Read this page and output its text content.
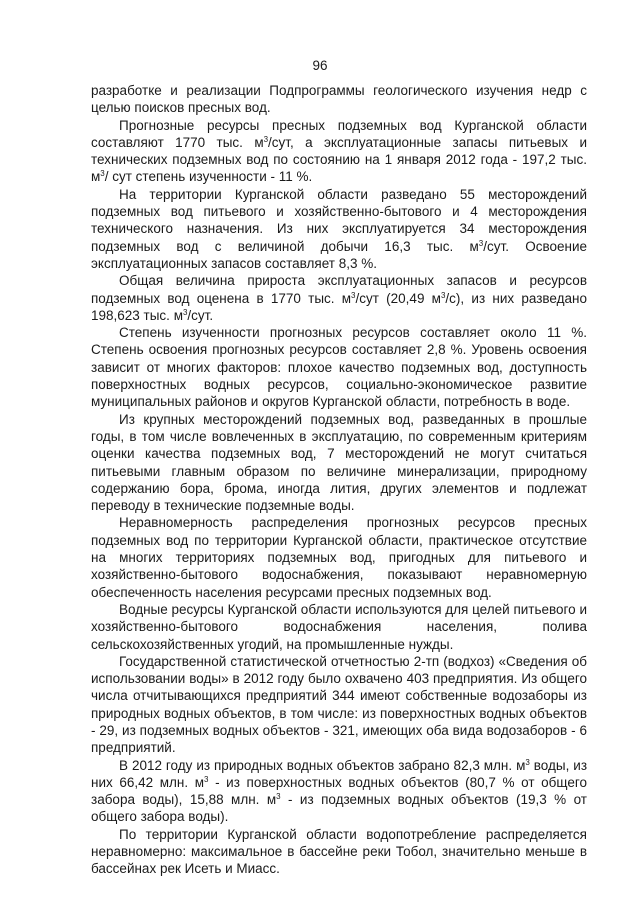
96

разработке и реализации Подпрограммы геологического изучения недр с целью поисков пресных вод.

Прогнозные ресурсы пресных подземных вод Курганской области составляют 1770 тыс. $м^3$/сут, а эксплуатационные запасы питьевых и технических подземных вод по состоянию на 1 января 2012 года - 197,2 тыс. $м^3/$ сут степень изученности - 11 %.

На территории Курганской области разведано 55 месторождений подземных вод питьевого и хозяйственно-бытового и 4 месторождения технического назначения. Из них эксплуатируется 34 месторождения подземных вод с величиной добычи 16,3 тыс. $м^3$/сут. Освоение эксплуатационных запасов составляет 8,3 %.

Общая величина прироста эксплуатационных запасов и ресурсов подземных вод оценена в 1770 тыс. $м^3$/сут (20,49 $м^3/с$), из них разведано 198,623 тыс. $м^3$/сут.

Степень изученности прогнозных ресурсов составляет около 11 %. Степень освоения прогнозных ресурсов составляет 2,8 %. Уровень освоения зависит от многих факторов: плохое качество подземных вод, доступность поверхностных водных ресурсов, социально-экономическое развитие муниципальных районов и округов Курганской области, потребность в воде.

Из крупных месторождений подземных вод, разведанных в прошлые годы, в том числе вовлеченных в эксплуатацию, по современным критериям оценки качества подземных вод, 7 месторождений не могут считаться питьевыми главным образом по величине минерализации, природному содержанию бора, брома, иногда лития, других элементов и подлежат переводу в технические подземные воды.

Неравномерность распределения прогнозных ресурсов пресных подземных вод по территории Курганской области, практическое отсутствие на многих территориях подземных вод, пригодных для питьевого и хозяйственно-бытового водоснабжения, показывают неравномерную обеспеченность населения ресурсами пресных подземных вод.

Водные ресурсы Курганской области используются для целей питьевого и хозяйственно-бытового водоснабжения населения, полива сельскохозяйственных угодий, на промышленные нужды.

Государственной статистической отчетностью 2-тп (водхоз) «Сведения об использовании воды» в 2012 году было охвачено 403 предприятия. Из общего числа отчитывающихся предприятий 344 имеют собственные водозаборы из природных водных объектов, в том числе: из поверхностных водных объектов - 29, из подземных водных объектов - 321, имеющих оба вида водозаборов - 6 предприятий.

В 2012 году из природных водных объектов забрано 82,3 млн. $м^3$ воды, из них 66,42 млн. $м^3$ - из поверхностных водных объектов (80,7 % от общего забора воды), 15,88 млн. $м^3$ - из подземных водных объектов (19,3 % от общего забора воды).

По территории Курганской области водопотребление распределяется неравномерно: максимальное в бассейне реки Тобол, значительно меньше в бассейнах рек Исеть и Миасс.
